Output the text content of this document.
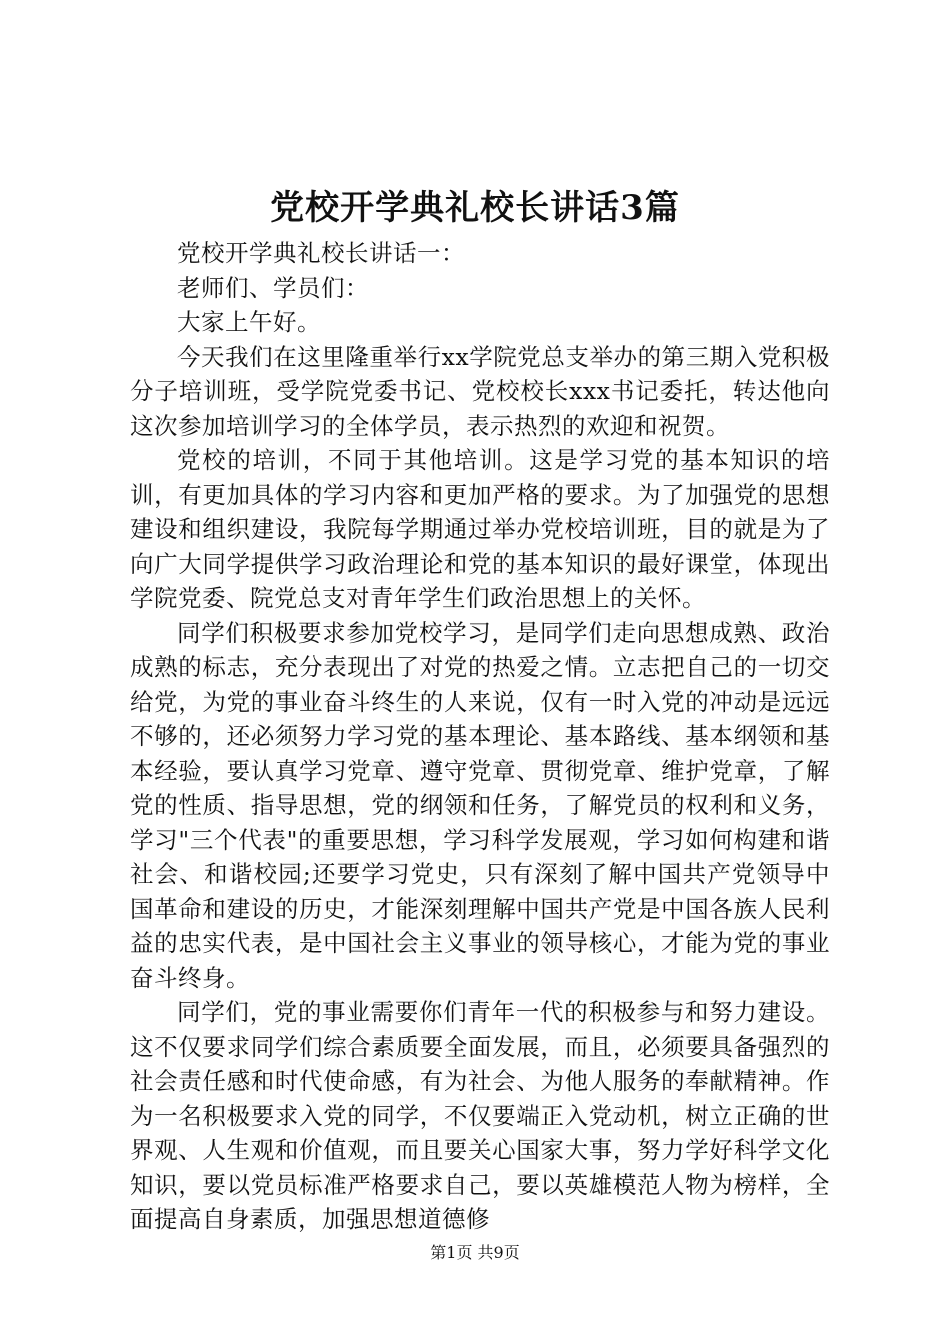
党校开学典礼校长讲话3篇

党校开学典礼校长讲话一：

老师们、学员们：

大家上午好。

今天我们在这里隆重举行xx学院党总支举办的第三期入党积极分子培训班，受学院党委书记、党校校长xxx书记委托，转达他向这次参加培训学习的全体学员，表示热烈的欢迎和祝贺。

党校的培训，不同于其他培训。这是学习党的基本知识的培训，有更加具体的学习内容和更加严格的要求。为了加强党的思想建设和组织建设，我院每学期通过举办党校培训班，目的就是为了向广大同学提供学习政治理论和党的基本知识的最好课堂，体现出学院党委、院党总支对青年学生们政治思想上的关怀。

同学们积极要求参加党校学习，是同学们走向思想成熟、政治成熟的标志，充分表现出了对党的热爱之情。立志把自己的一切交给党，为党的事业奋斗终生的人来说，仅有一时入党的冲动是远远不够的，还必须努力学习党的基本理论、基本路线、基本纲领和基本经验，要认真学习党章、遵守党章、贯彻党章、维护党章，了解党的性质、指导思想，党的纲领和任务，了解党员的权利和义务，学习"三个代表"的重要思想，学习科学发展观，学习如何构建和谐社会、和谐校园;还要学习党史，只有深刻了解中国共产党领导中国革命和建设的历史，才能深刻理解中国共产党是中国各族人民利益的忠实代表，是中国社会主义事业的领导核心，才能为党的事业奋斗终身。

同学们，党的事业需要你们青年一代的积极参与和努力建设。这不仅要求同学们综合素质要全面发展，而且，必须要具备强烈的社会责任感和时代使命感，有为社会、为他人服务的奉献精神。作为一名积极要求入党的同学，不仅要端正入党动机，树立正确的世界观、人生观和价值观，而且要关心国家大事，努力学好科学文化知识，要以党员标准严格要求自己，要以英雄模范人物为榜样，全面提高自身素质，加强思想道德修

第1页 共9页
